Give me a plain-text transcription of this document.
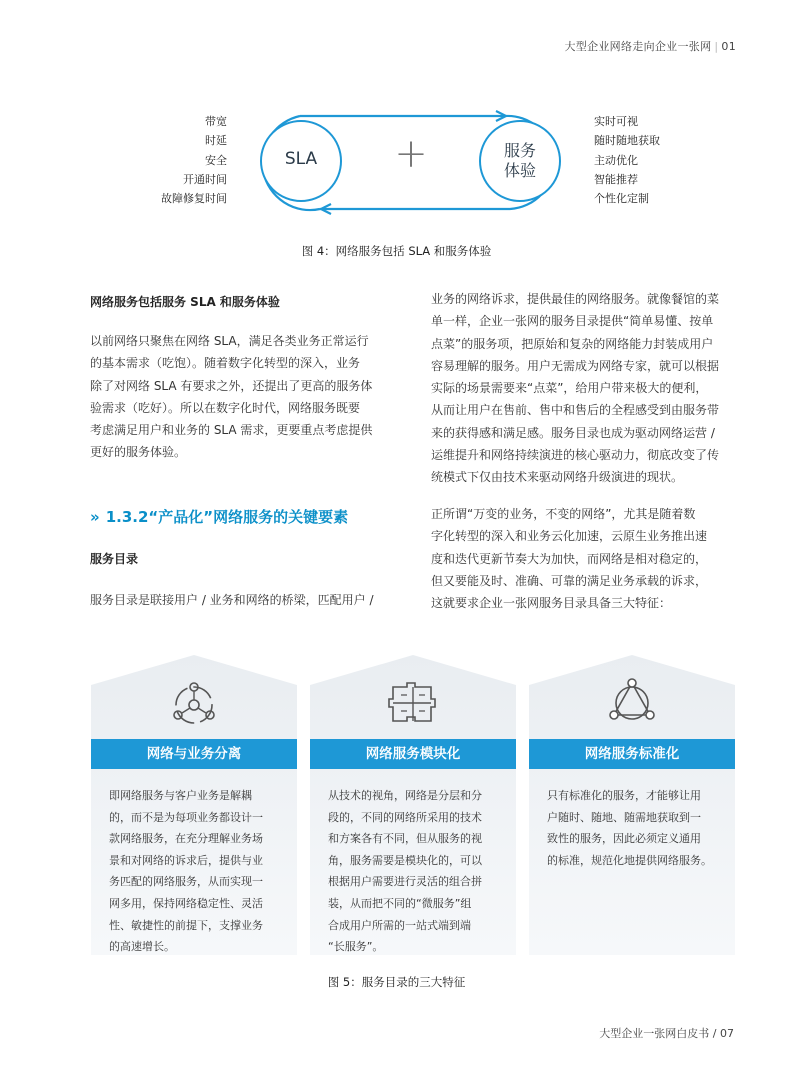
大型企业网络走向企业一张网 | 01
SLA	服务
体验
+
带宽
时延
安全
开通时间
故障修复时间
实时可视
随时随地获取
主动优化
智能推荐
个性化定制
图 4：网络服务包括 SLA 和服务体验
网络服务包括服务 SLA 和服务体验
以前网络只聚焦在网络 SLA，满足各类业务正常运行
的基本需求（吃饱）。随着数字化转型的深入，业务
除了对网络 SLA 有要求之外，还提出了更高的服务体
验需求（吃好）。所以在数字化时代，网络服务既要
考虑满足用户和业务的 SLA 需求，更要重点考虑提供
更好的服务体验。
» 1.3.2“产品化”网络服务的关键要素
服务目录
服务目录是联接用户 / 业务和网络的桥梁，匹配用户 /
业务的网络诉求，提供最佳的网络服务。就像餐馆的菜
单一样，企业一张网的服务目录提供“简单易懂、按单
点菜”的服务项，把原始和复杂的网络能力封装成用户
容易理解的服务。用户无需成为网络专家，就可以根据
实际的场景需要来“点菜”，给用户带来极大的便利，
从而让用户在售前、售中和售后的全程感受到由服务带
来的获得感和满足感。服务目录也成为驱动网络运营 /
运维提升和网络持续演进的核心驱动力，彻底改变了传
统模式下仅由技术来驱动网络升级演进的现状。
正所谓“万变的业务，不变的网络”，尤其是随着数
字化转型的深入和业务云化加速，云原生业务推出速
度和迭代更新节奏大为加快，而网络是相对稳定的，
但又要能及时、准确、可靠的满足业务承载的诉求，
这就要求企业一张网服务目录具备三大特征：
网络与业务分离
即网络服务与客户业务是解耦
的，而不是为每项业务都设计一
款网络服务，在充分理解业务场
景和对网络的诉求后，提供与业
务匹配的网络服务，从而实现一
网多用，保持网络稳定性、灵活
性、敏捷性的前提下，支撑业务
的高速增长。
网络服务模块化
从技术的视角，网络是分层和分
段的，不同的网络所采用的技术
和方案各有不同，但从服务的视
角，服务需要是模块化的，可以
根据用户需要进行灵活的组合拼
装，从而把不同的“微服务”组
合成用户所需的一站式端到端
“长服务”。
网络服务标准化
只有标准化的服务，才能够让用
户随时、随地、随需地获取到一
致性的服务，因此必须定义通用
的标准，规范化地提供网络服务。
图 5：服务目录的三大特征
大型企业一张网白皮书 / 07
